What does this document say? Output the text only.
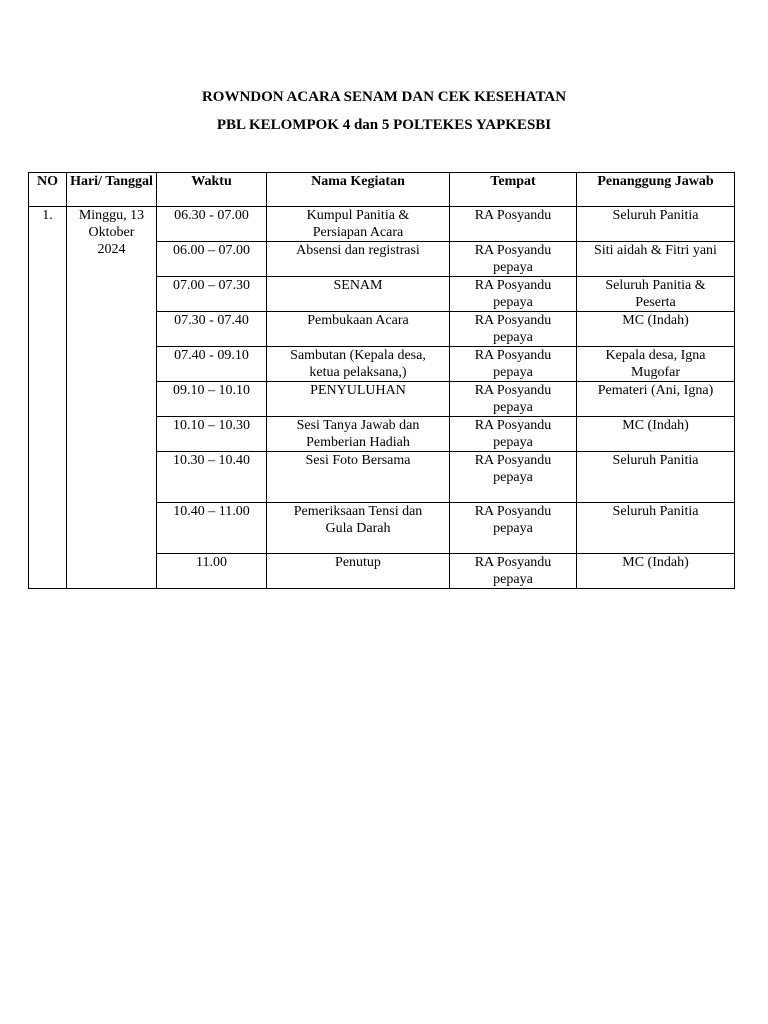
ROWNDON ACARA SENAM DAN CEK KESEHATAN

PBL KELOMPOK 4 dan 5 POLTEKES YAPKESBI

NO	Hari/ Tanggal	Waktu	Nama Kegiatan	Tempat	Penanggung Jawab
1.	Minggu, 13
Oktober
2024	06.30 - 07.00	Kumpul Panitia &
Persiapan Acara	RA Posyandu	Seluruh Panitia

		06.00 – 07.00	Absensi dan registrasi	RA Posyandu
pepaya	Siti aidah & Fitri yani

		07.00 – 07.30	SENAM	RA Posyandu
pepaya	Seluruh Panitia &
Peserta

		07.30 - 07.40	Pembukaan Acara	RA Posyandu
pepaya	MC (Indah)

		07.40 - 09.10	Sambutan (Kepala desa,
ketua pelaksana,)	RA Posyandu
pepaya	Kepala desa, Igna
Mugofar

		09.10 – 10.10	PENYULUHAN	RA Posyandu
pepaya	Pemateri (Ani, Igna)

		10.10 – 10.30	Sesi Tanya Jawab dan
Pemberian Hadiah	RA Posyandu
pepaya	MC (Indah)

		10.30 – 10.40	Sesi Foto Bersama	RA Posyandu
pepaya	Seluruh Panitia

		10.40 – 11.00	Pemeriksaan Tensi dan
Gula Darah	RA Posyandu
pepaya	Seluruh Panitia

		11.00	Penutup	RA Posyandu
pepaya	MC (Indah)
